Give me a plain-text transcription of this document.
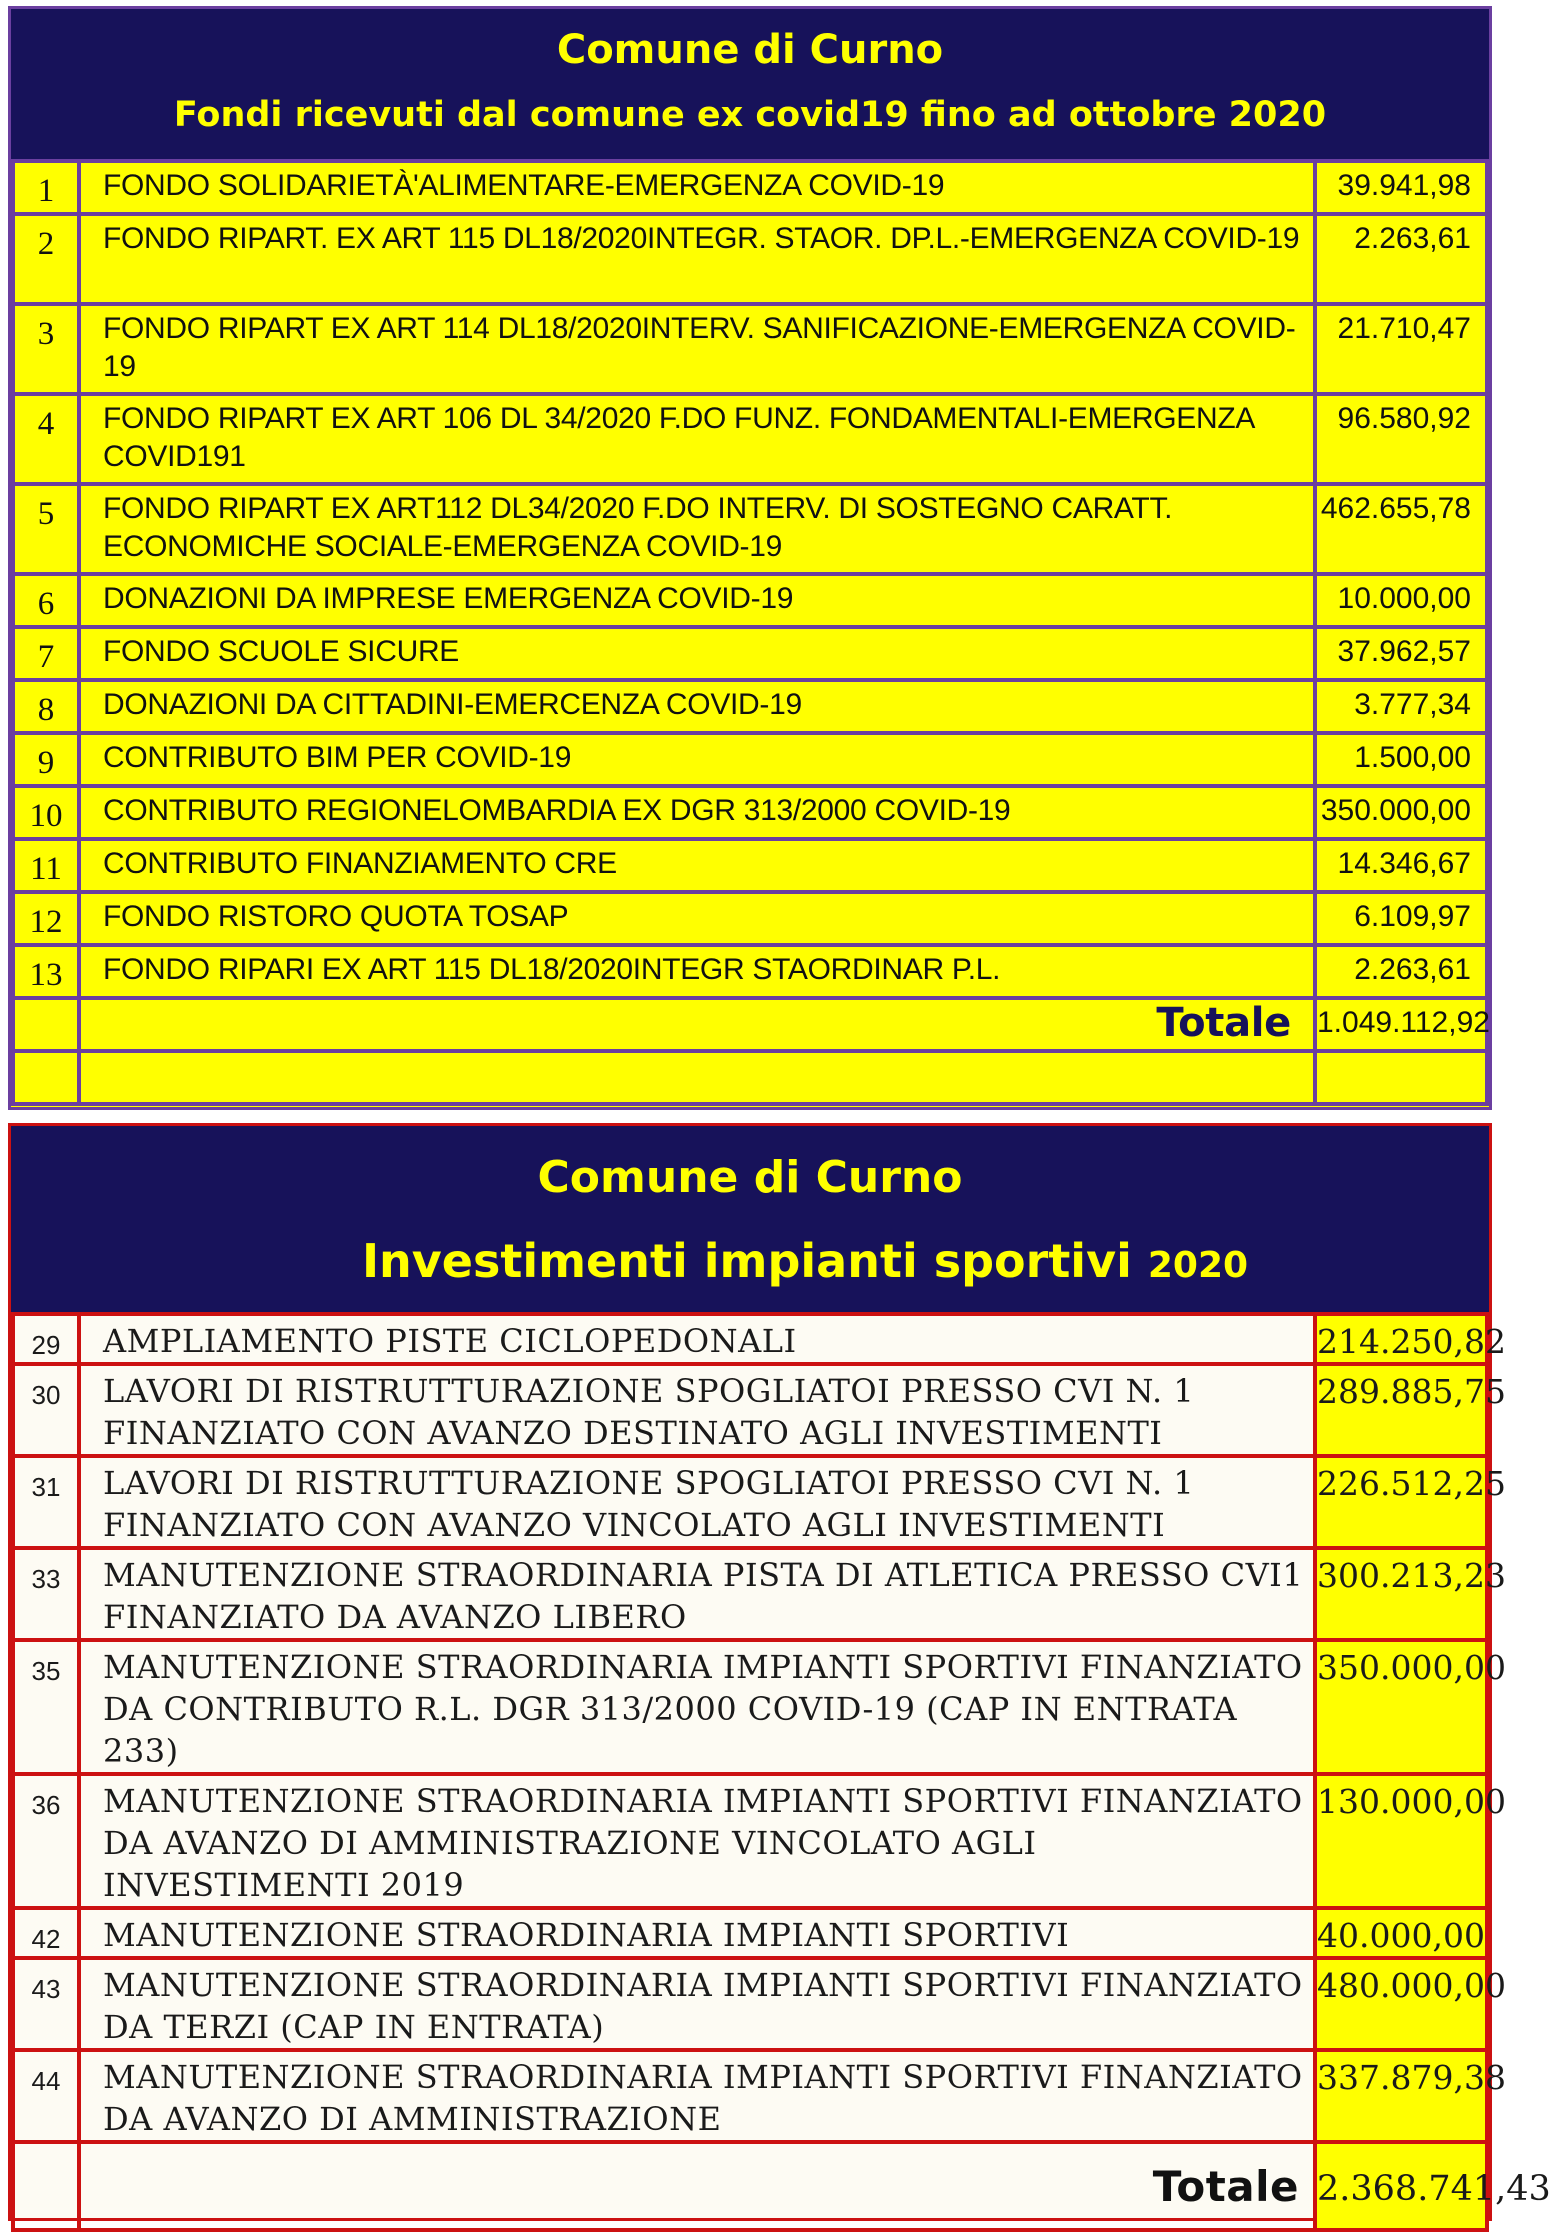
Comune di Curno
Fondi ricevuti dal comune ex covid19 fino ad ottobre 2020
1	FONDO SOLIDARIETÀ'ALIMENTARE-EMERGENZA COVID-19	39.941,98
2	FONDO RIPART. EX ART 115 DL18/2020INTEGR. STAOR. DP.L.-EMERGENZA COVID-19	2.263,61
3	FONDO RIPART EX ART 114 DL18/2020INTERV. SANIFICAZIONE-EMERGENZA COVID-19	21.710,47
4	FONDO RIPART EX ART 106 DL 34/2020 F.DO FUNZ. FONDAMENTALI-EMERGENZA COVID191	96.580,92
5	FONDO RIPART EX ART112 DL34/2020 F.DO INTERV. DI SOSTEGNO CARATT. ECONOMICHE SOCIALE-EMERGENZA COVID-19	462.655,78
6	DONAZIONI DA IMPRESE EMERGENZA COVID-19	10.000,00
7	FONDO SCUOLE SICURE	37.962,57
8	DONAZIONI DA CITTADINI-EMERCENZA COVID-19	3.777,34
9	CONTRIBUTO BIM PER COVID-19	1.500,00
10	CONTRIBUTO REGIONELOMBARDIA EX DGR 313/2000 COVID-19	350.000,00
11	CONTRIBUTO FINANZIAMENTO CRE	14.346,67
12	FONDO RISTORO QUOTA TOSAP	6.109,97
13	FONDO RIPARI EX ART 115 DL18/2020INTEGR STAORDINAR P.L.	2.263,61
	Totale	1.049.112,92

Comune di Curno
Investimenti impianti sportivi 2020
29	AMPLIAMENTO PISTE CICLOPEDONALI	214.250,82
30	LAVORI DI RISTRUTTURAZIONE SPOGLIATOI PRESSO CVI N. 1 FINANZIATO CON AVANZO DESTINATO AGLI INVESTIMENTI	289.885,75
31	LAVORI DI RISTRUTTURAZIONE SPOGLIATOI PRESSO CVI N. 1 FINANZIATO CON AVANZO VINCOLATO AGLI INVESTIMENTI	226.512,25
33	MANUTENZIONE STRAORDINARIA PISTA DI ATLETICA PRESSO CVI1 FINANZIATO DA AVANZO LIBERO	300.213,23
35	MANUTENZIONE STRAORDINARIA IMPIANTI SPORTIVI FINANZIATO DA CONTRIBUTO R.L. DGR 313/2000 COVID-19 (CAP IN ENTRATA 233)	350.000,00
36	MANUTENZIONE STRAORDINARIA IMPIANTI SPORTIVI FINANZIATO DA AVANZO DI AMMINISTRAZIONE VINCOLATO AGLI INVESTIMENTI 2019	130.000,00
42	MANUTENZIONE STRAORDINARIA IMPIANTI SPORTIVI	40.000,00
43	MANUTENZIONE STRAORDINARIA IMPIANTI SPORTIVI FINANZIATO DA TERZI (CAP IN ENTRATA)	480.000,00
44	MANUTENZIONE STRAORDINARIA IMPIANTI SPORTIVI FINANZIATO DA AVANZO DI AMMINISTRAZIONE	337.879,38
	Totale	2.368.741,43
